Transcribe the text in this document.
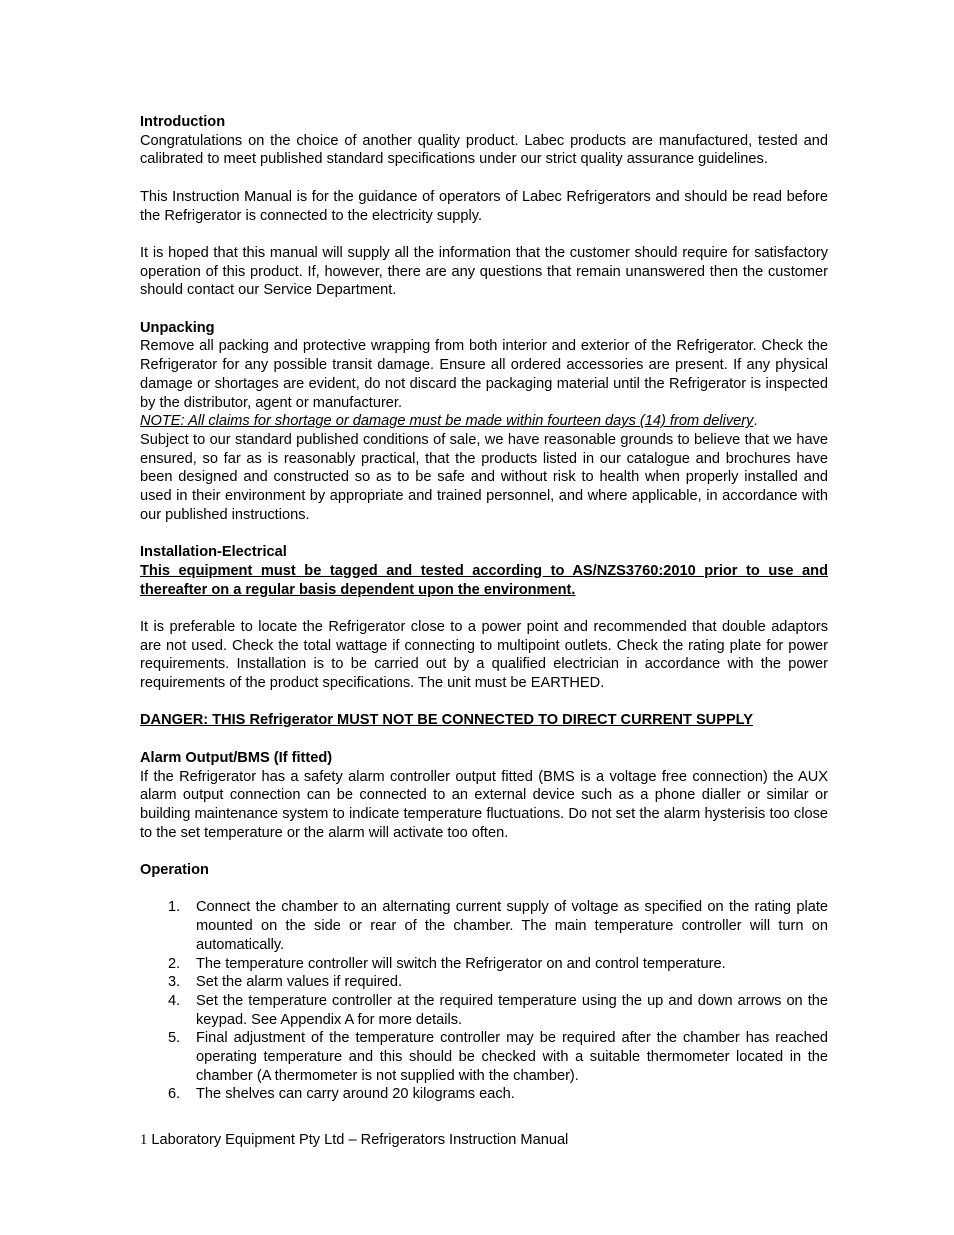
Introduction

Congratulations on the choice of another quality product. Labec products are manufactured, tested and calibrated to meet published standard specifications under our strict quality assurance guidelines.

This Instruction Manual is for the guidance of operators of Labec Refrigerators and should be read before the Refrigerator is connected to the electricity supply.

It is hoped that this manual will supply all the information that the customer should require for satisfactory operation of this product. If, however, there are any questions that remain unanswered then the customer should contact our Service Department.

Unpacking

Remove all packing and protective wrapping from both interior and exterior of the Refrigerator. Check the Refrigerator for any possible transit damage. Ensure all ordered accessories are present. If any physical damage or shortages are evident, do not discard the packaging material until the Refrigerator is inspected by the distributor, agent or manufacturer.

NOTE: All claims for shortage or damage must be made within fourteen days (14) from delivery.

Subject to our standard published conditions of sale, we have reasonable grounds to believe that we have ensured, so far as is reasonably practical, that the products listed in our catalogue and brochures have been designed and constructed so as to be safe and without risk to health when properly installed and used in their environment by appropriate and trained personnel, and where applicable, in accordance with our published instructions.

Installation-Electrical

This equipment must be tagged and tested according to AS/NZS3760:2010 prior to use and thereafter on a regular basis dependent upon the environment.

It is preferable to locate the Refrigerator close to a power point and recommended that double adaptors are not used. Check the total wattage if connecting to multipoint outlets. Check the rating plate for power requirements. Installation is to be carried out by a qualified electrician in accordance with the power requirements of the product specifications. The unit must be EARTHED.

DANGER: THIS Refrigerator MUST NOT BE CONNECTED TO DIRECT CURRENT SUPPLY

Alarm Output/BMS (If fitted)

If the Refrigerator has a safety alarm controller output fitted (BMS is a voltage free connection) the AUX alarm output connection can be connected to an external device such as a phone dialler or similar or building maintenance system to indicate temperature fluctuations. Do not set the alarm hysterisis too close to the set temperature or the alarm will activate too often.

Operation

1. Connect the chamber to an alternating current supply of voltage as specified on the rating plate mounted on the side or rear of the chamber. The main temperature controller will turn on automatically.
2. The temperature controller will switch the Refrigerator on and control temperature.
3. Set the alarm values if required.
4. Set the temperature controller at the required temperature using the up and down arrows on the keypad. See Appendix A for more details.
5. Final adjustment of the temperature controller may be required after the chamber has reached operating temperature and this should be checked with a suitable thermometer located in the chamber (A thermometer is not supplied with the chamber).
6. The shelves can carry around 20 kilograms each.
1 Laboratory Equipment Pty Ltd – Refrigerators Instruction Manual
